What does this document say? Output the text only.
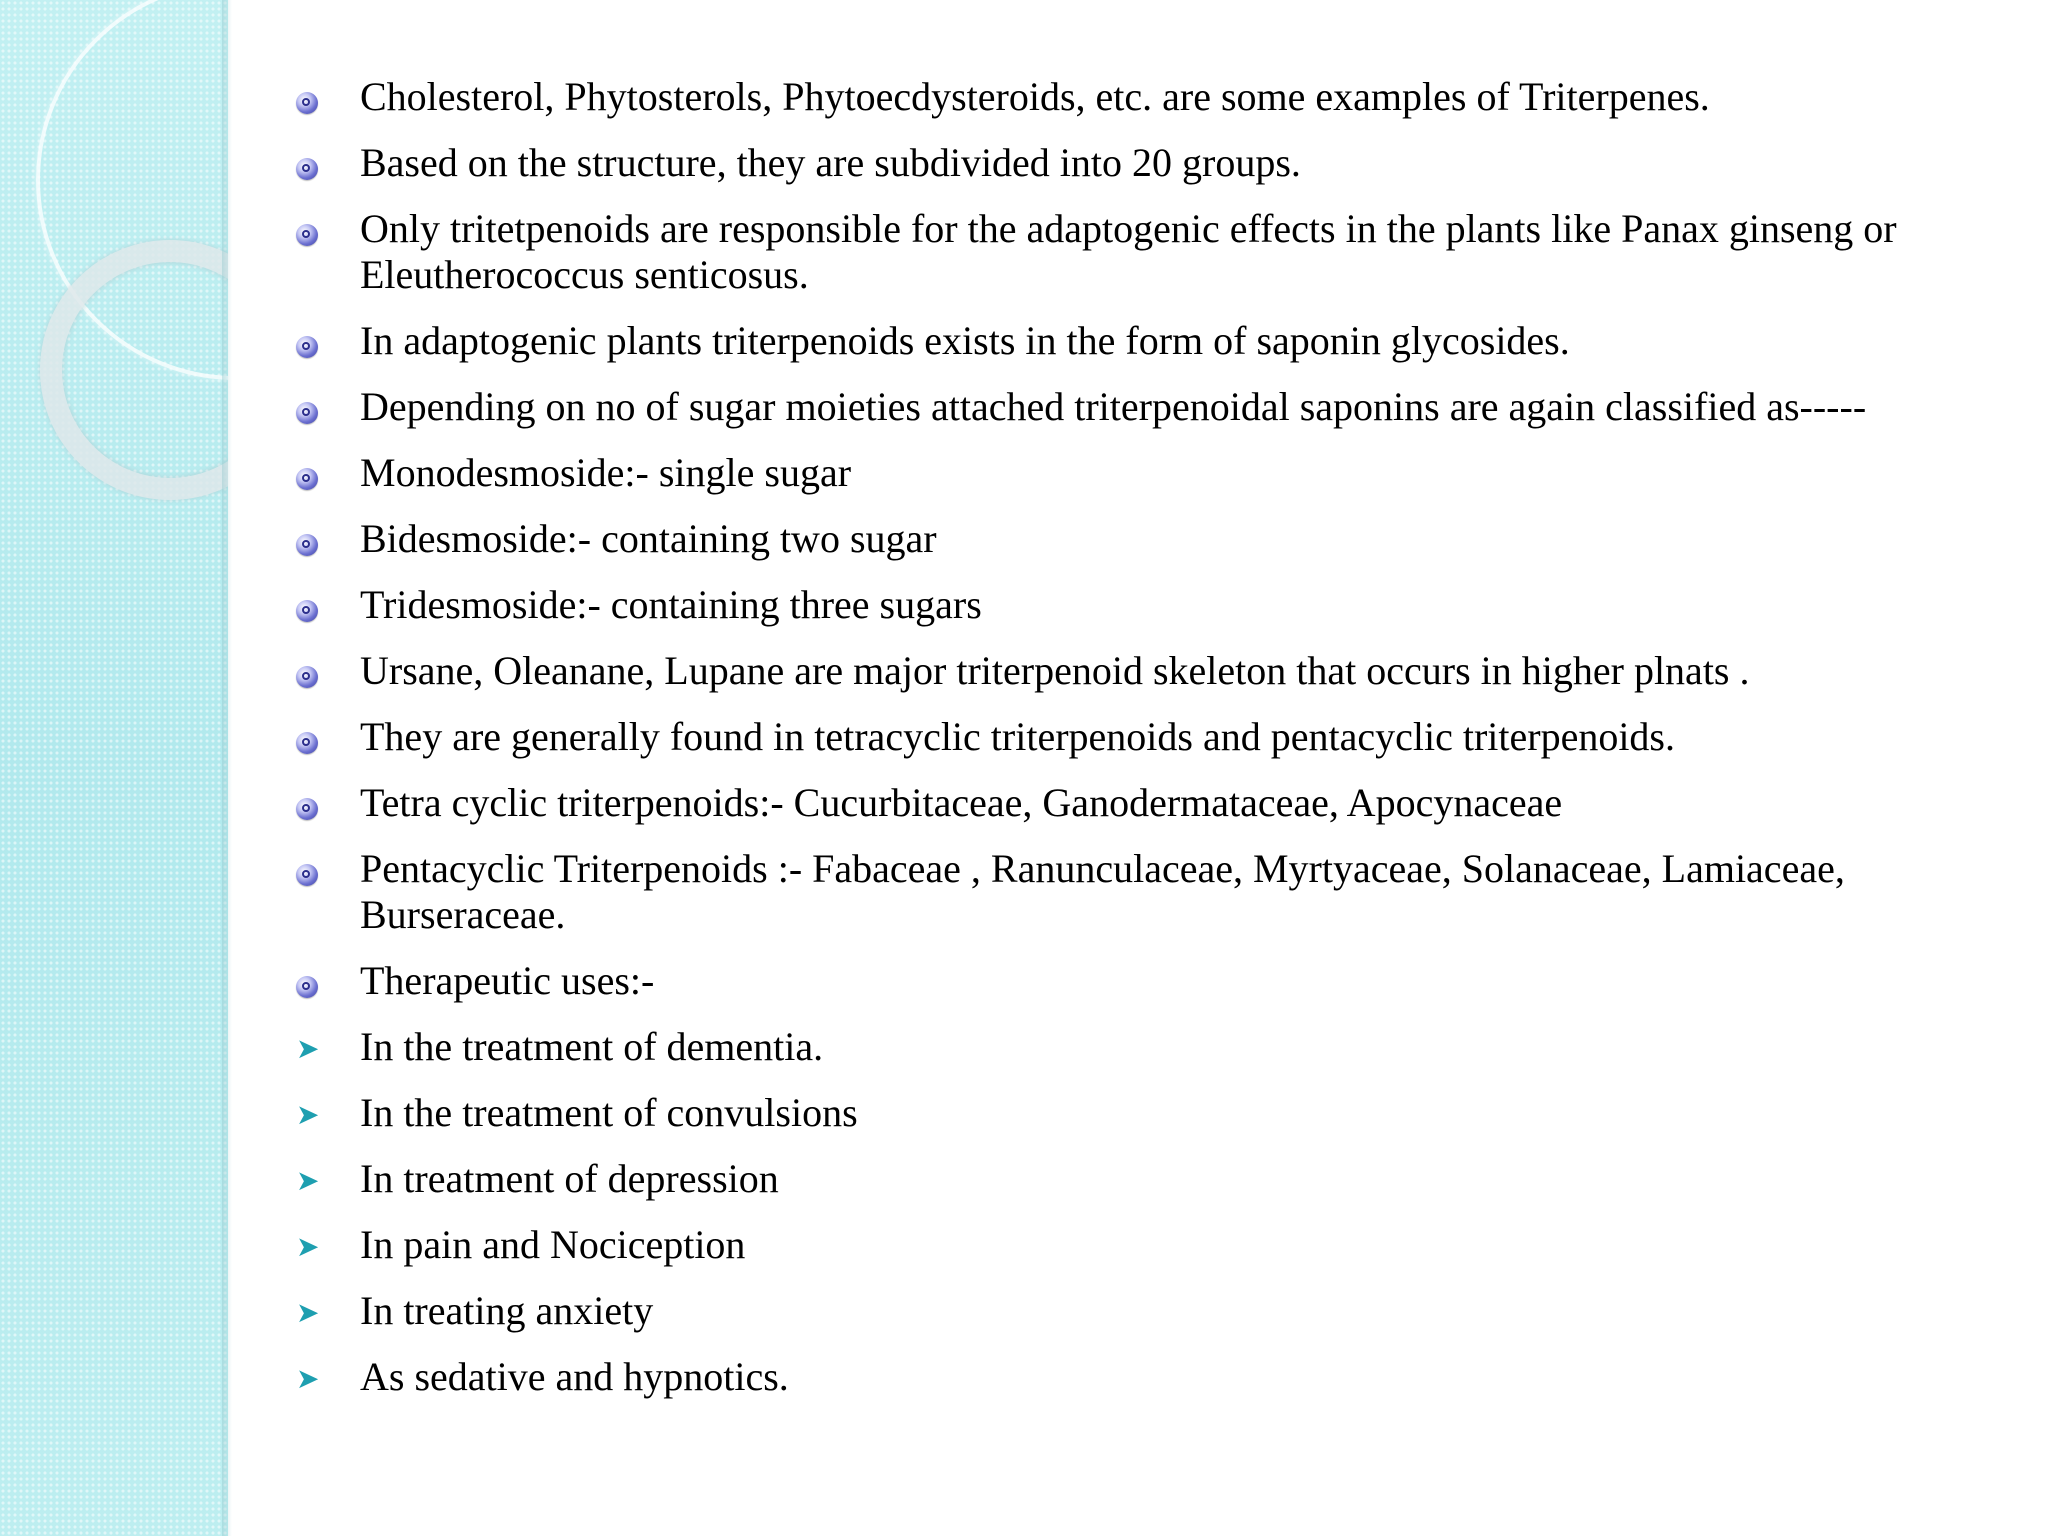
Cholesterol, Phytosterols, Phytoecdysteroids, etc. are some examples of Triterpenes.
Based on the structure, they are subdivided into 20 groups.
Only tritetpenoids are responsible for the adaptogenic effects in the plants like Panax ginseng or Eleutherococcus senticosus.
In adaptogenic plants triterpenoids exists in the form of saponin glycosides.
Depending on no of sugar moieties attached triterpenoidal saponins are again classified as-----
Monodesmoside:- single sugar
Bidesmoside:- containing two sugar
Tridesmoside:- containing three sugars
Ursane, Oleanane, Lupane are major triterpenoid skeleton that occurs in higher plnats .
They are generally found in tetracyclic triterpenoids and pentacyclic triterpenoids.
Tetra cyclic triterpenoids:- Cucurbitaceae, Ganodermataceae, Apocynaceae
Pentacyclic Triterpenoids :- Fabaceae , Ranunculaceae, Myrtyaceae, Solanaceae, Lamiaceae, Burseraceae.
Therapeutic uses:-
➤ In the treatment of dementia.
➤ In the treatment of convulsions
➤ In treatment of depression
➤ In pain and Nociception
➤ In treating anxiety
➤ As sedative and hypnotics.
